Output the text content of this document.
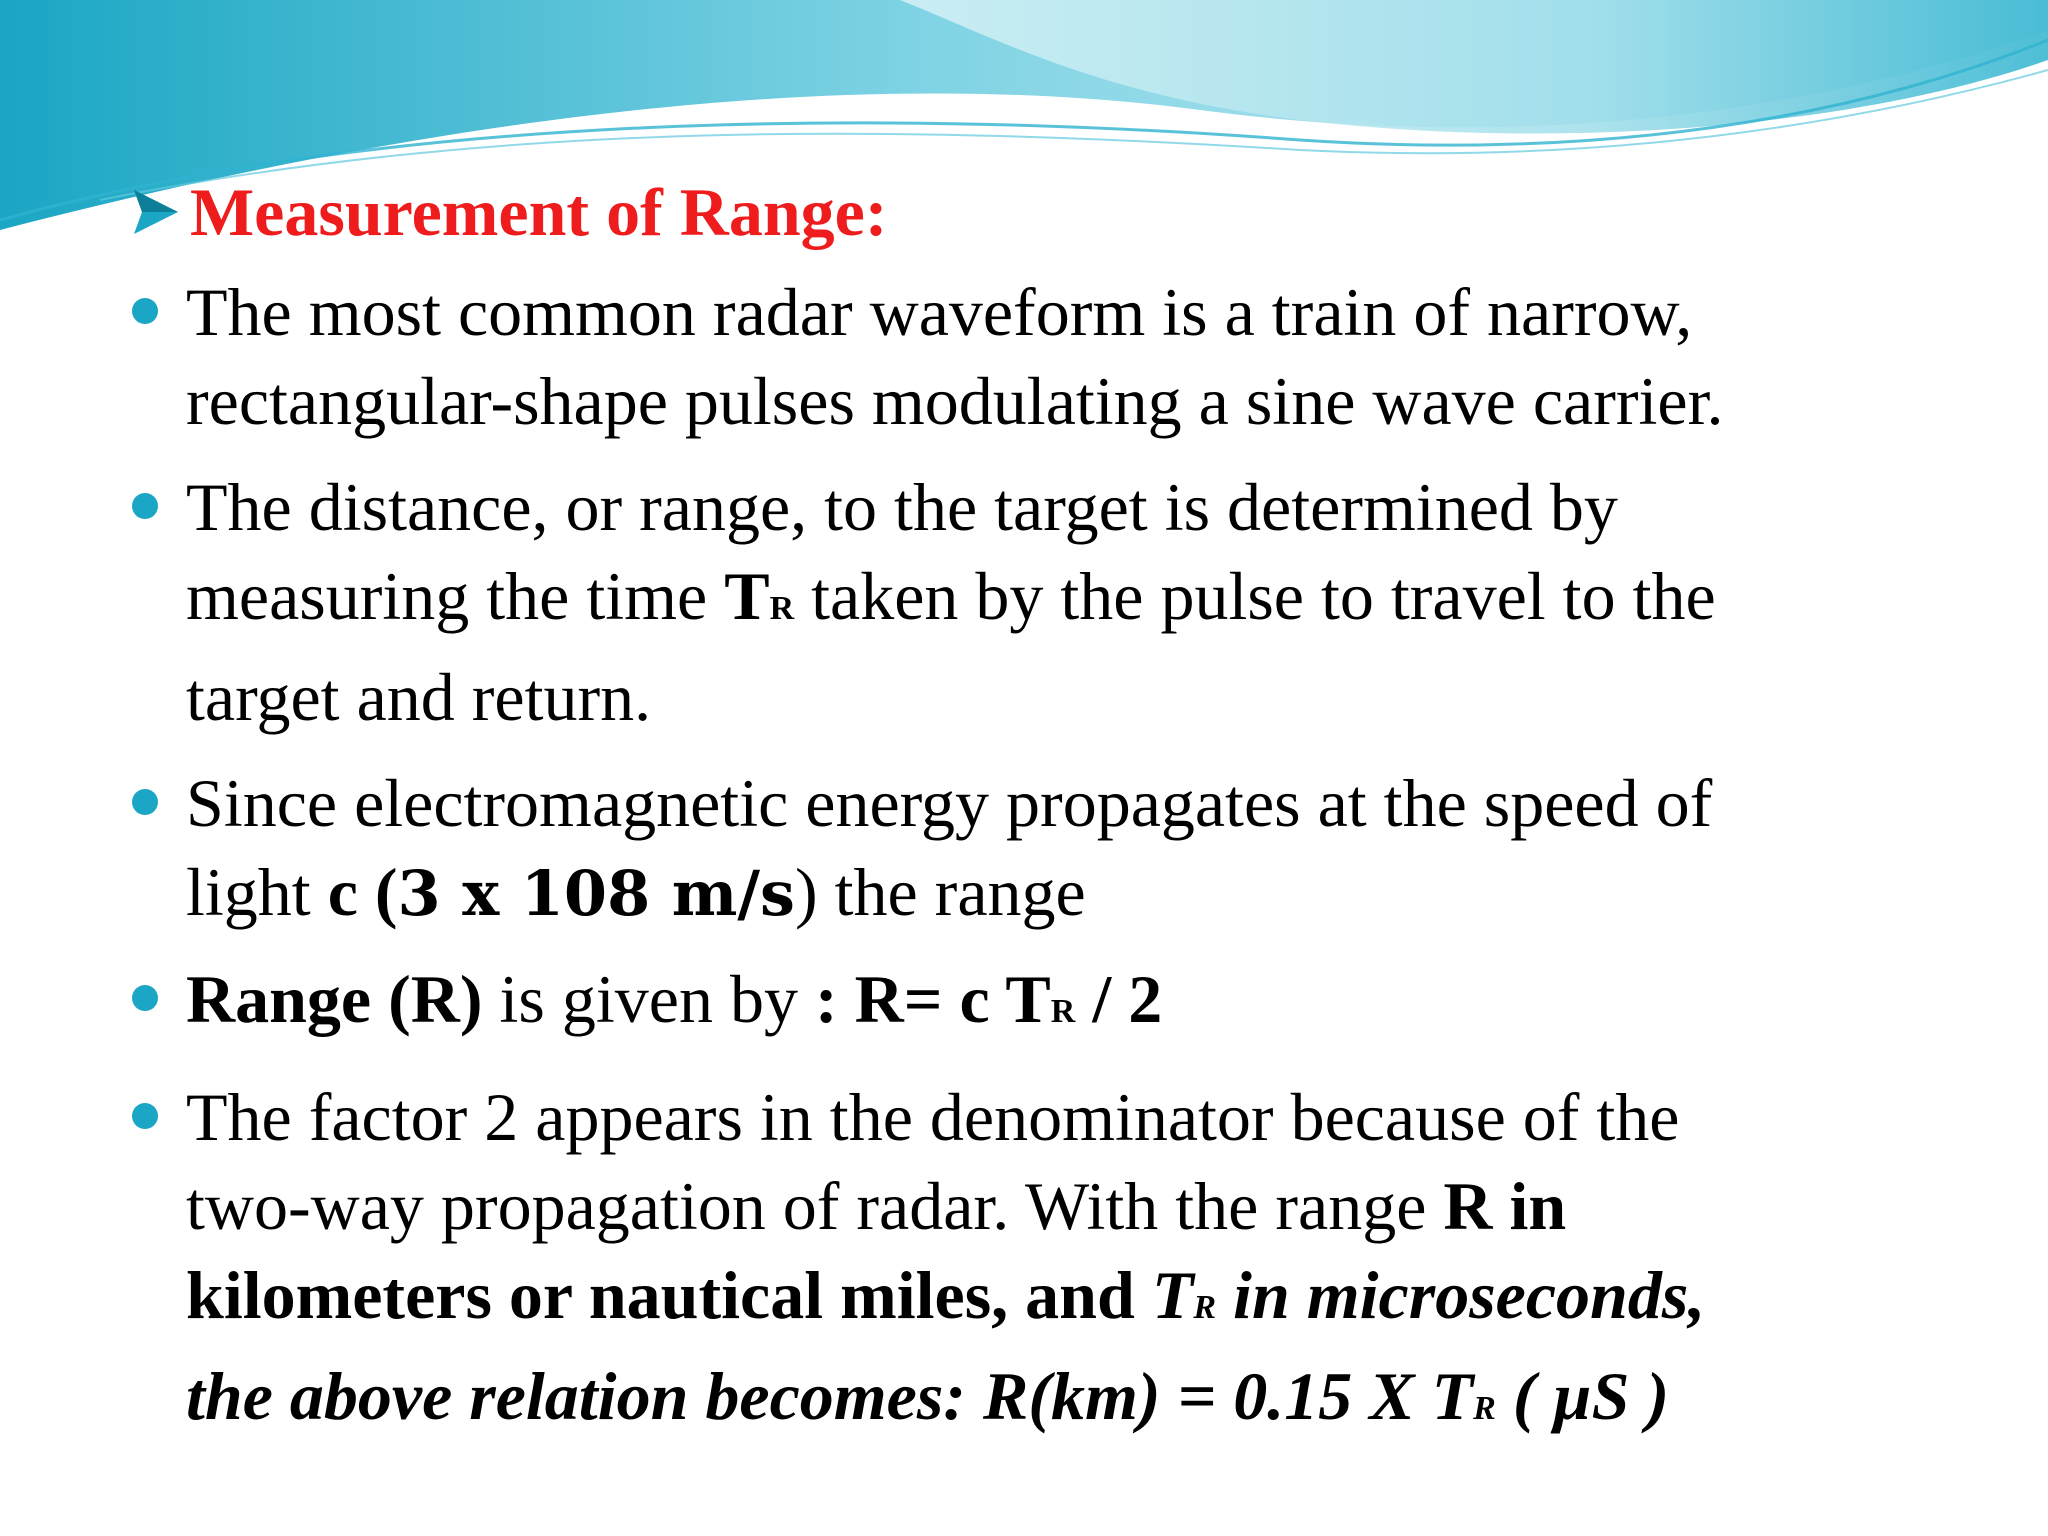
Measurement of Range:
The most common radar waveform is a train of narrow,
rectangular-shape pulses modulating a sine wave carrier.
The distance, or range, to the target is determined by
measuring the time TR taken by the pulse to travel to the
target and return.
Since electromagnetic energy propagates at the speed of
light c (3 x 108 m/s) the range
Range (R) is given by : R= c TR / 2
The factor 2 appears in the denominator because of the
two-way propagation of radar. With the range R in
kilometers or nautical miles, and TR in microseconds,
the above relation becomes: R(km) = 0.15 X TR ( µS )
